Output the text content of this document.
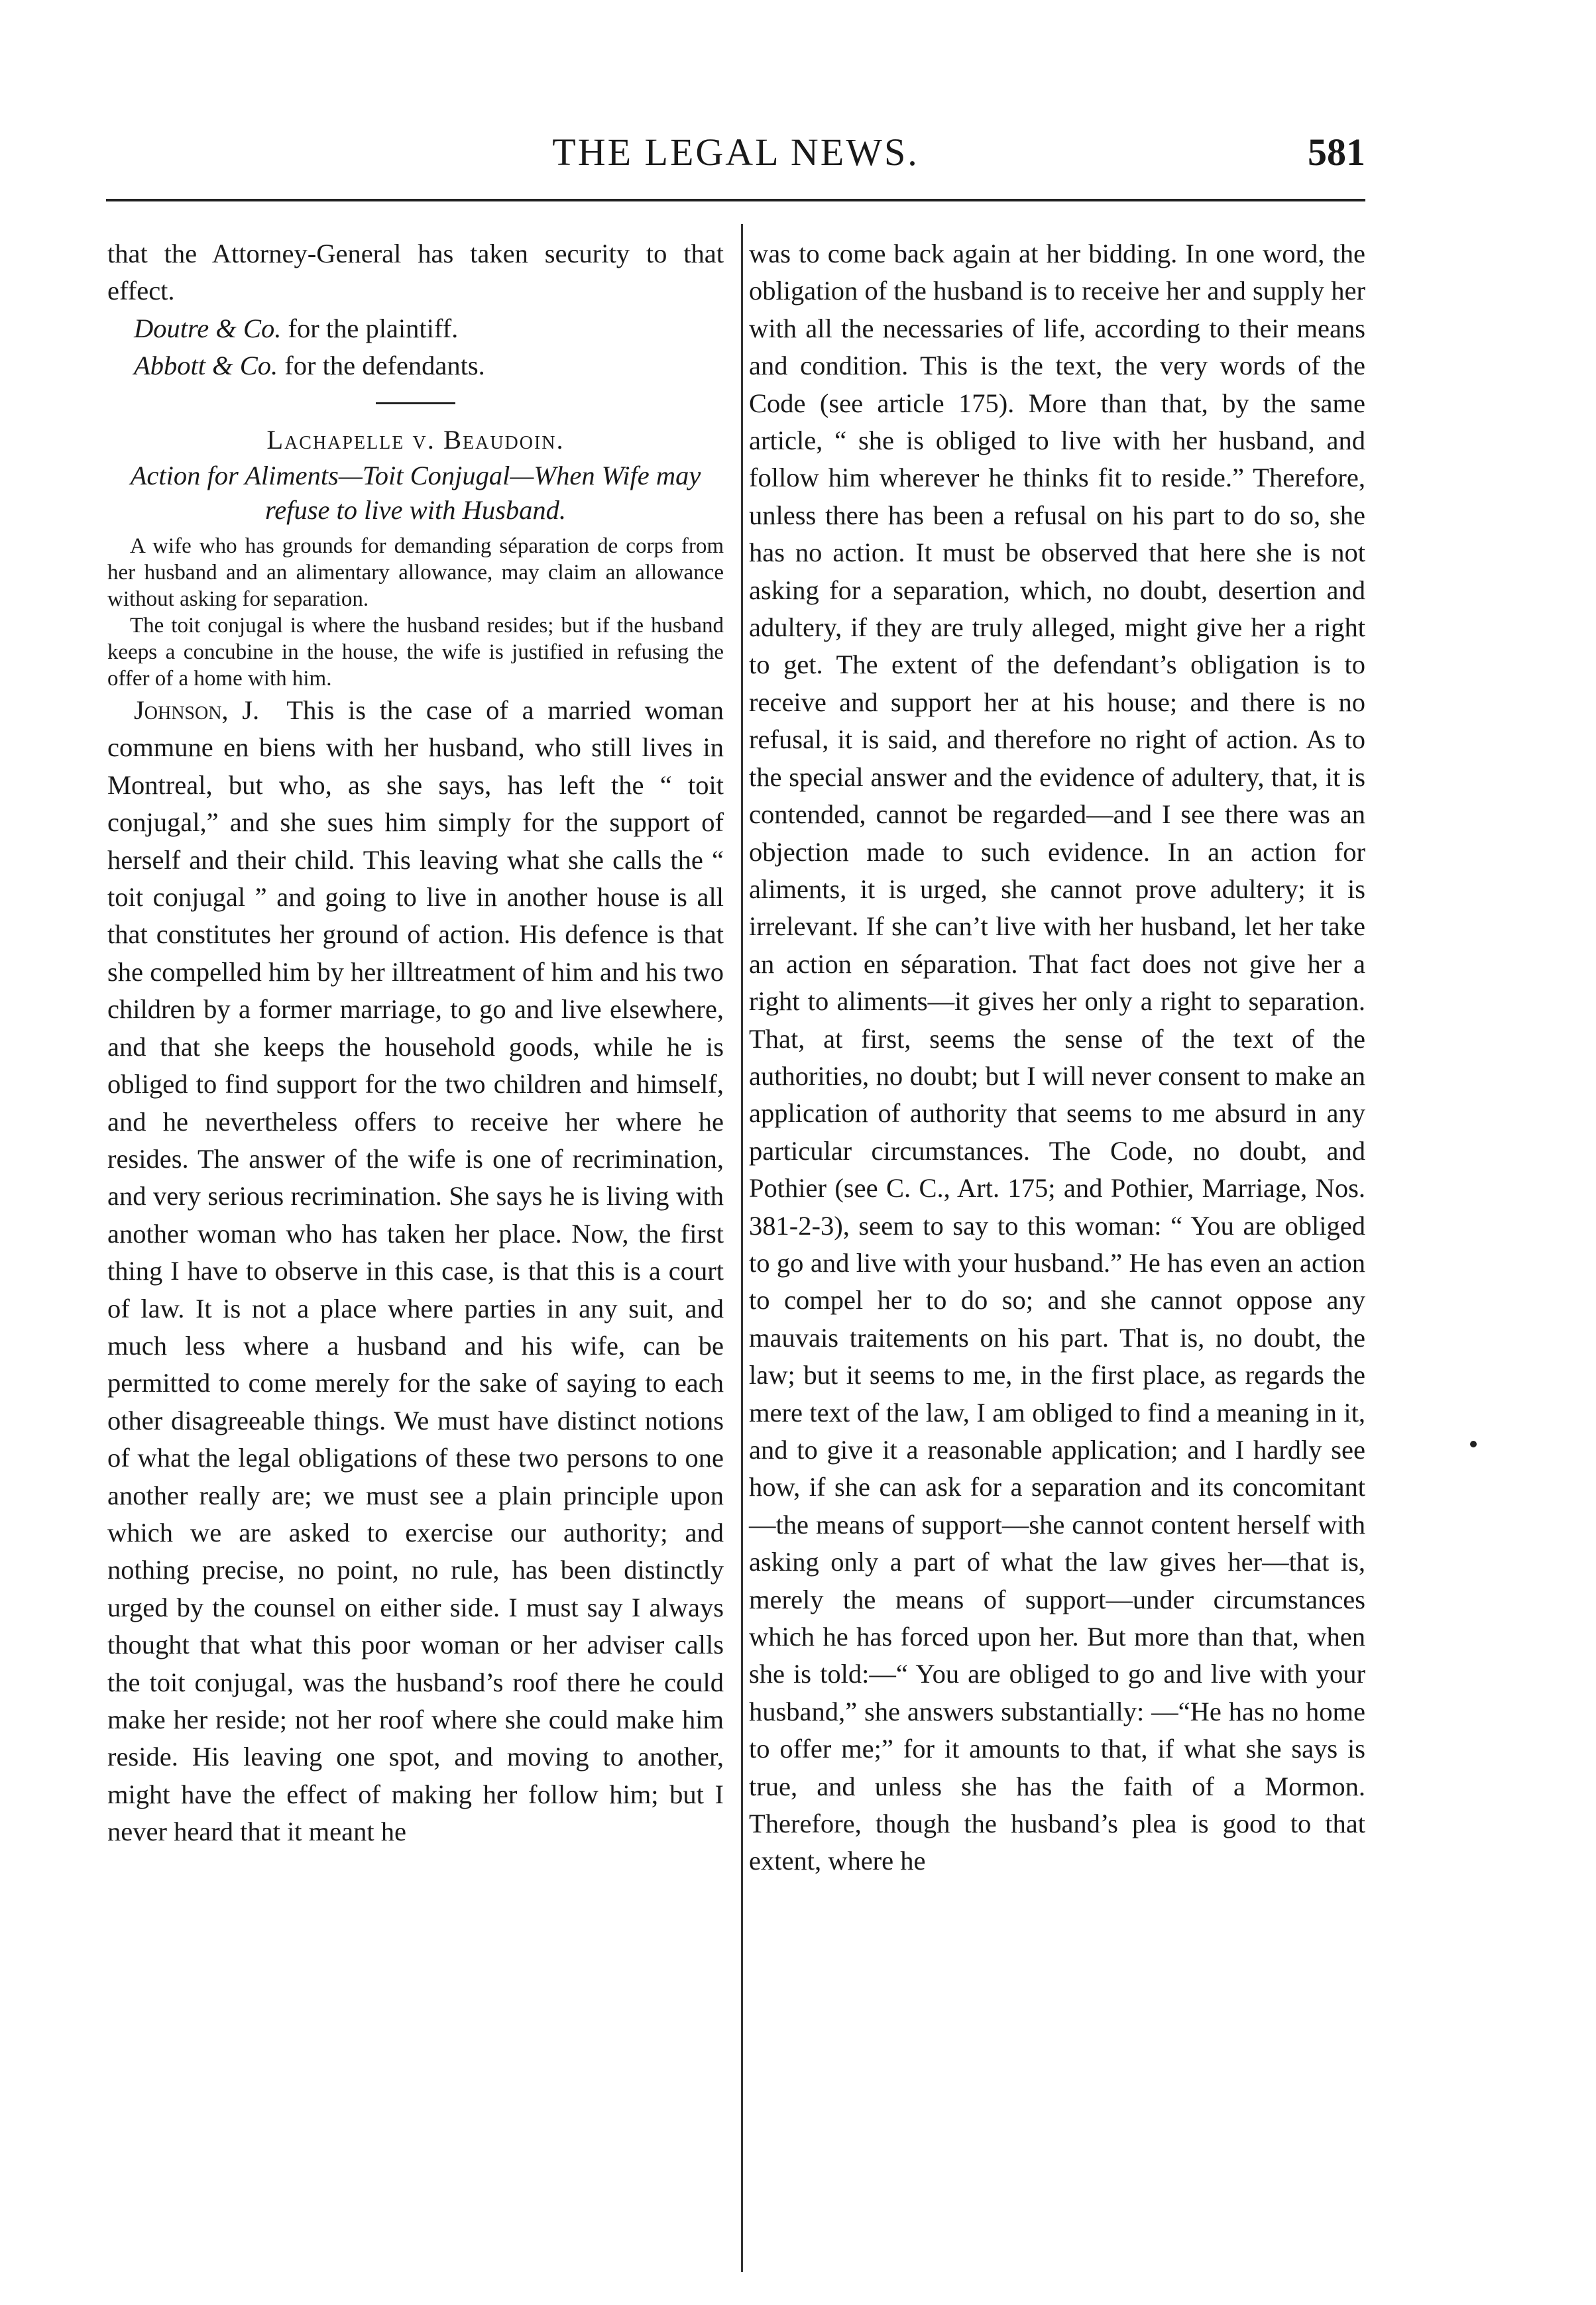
THE LEGAL NEWS.	581

that the Attorney-General has taken security to that effect.

Doutre & Co. for the plaintiff.

Abbott & Co. for the defendants.

Lachapelle v. Beaudoin.

Action for Aliments—Toit Conjugal—When Wife may refuse to live with Husband.

A wife who has grounds for demanding séparation de corps from her husband and an alimentary allowance, may claim an allowance without asking for separation.

The toit conjugal is where the husband resides; but if the husband keeps a concubine in the house, the wife is justified in refusing the offer of a home with him.

Johnson, J. This is the case of a married woman commune en biens with her husband, who still lives in Montreal, but who, as she says, has left the “ toit conjugal,” and she sues him simply for the support of herself and their child. This leaving what she calls the “ toit conjugal ” and going to live in another house is all that constitutes her ground of action. His defence is that she compelled him by her illtreatment of him and his two children by a former marriage, to go and live elsewhere, and that she keeps the household goods, while he is obliged to find support for the two children and himself, and he nevertheless offers to receive her where he resides. The answer of the wife is one of recrimination, and very serious recrimination. She says he is living with another woman who has taken her place. Now, the first thing I have to observe in this case, is that this is a court of law. It is not a place where parties in any suit, and much less where a husband and his wife, can be permitted to come merely for the sake of saying to each other disagreeable things. We must have distinct notions of what the legal obligations of these two persons to one another really are; we must see a plain principle upon which we are asked to exercise our authority; and nothing precise, no point, no rule, has been distinctly urged by the counsel on either side. I must say I always thought that what this poor woman or her adviser calls the toit conjugal, was the husband’s roof there he could make her reside; not her roof where she could make him reside. His leaving one spot, and moving to another, might have the effect of making her follow him; but I never heard that it meant he

was to come back again at her bidding. In one word, the obligation of the husband is to receive her and supply her with all the necessaries of life, according to their means and condition. This is the text, the very words of the Code (see article 175). More than that, by the same article, “ she is obliged to live with her husband, and follow him wherever he thinks fit to reside.” Therefore, unless there has been a refusal on his part to do so, she has no action. It must be observed that here she is not asking for a separation, which, no doubt, desertion and adultery, if they are truly alleged, might give her a right to get. The extent of the defendant’s obligation is to receive and support her at his house; and there is no refusal, it is said, and therefore no right of action. As to the special answer and the evidence of adultery, that, it is contended, cannot be regarded—and I see there was an objection made to such evidence. In an action for aliments, it is urged, she cannot prove adultery; it is irrelevant. If she can’t live with her husband, let her take an action en séparation. That fact does not give her a right to aliments—it gives her only a right to separation. That, at first, seems the sense of the text of the authorities, no doubt; but I will never consent to make an application of authority that seems to me absurd in any particular circumstances. The Code, no doubt, and Pothier (see C. C., Art. 175; and Pothier, Marriage, Nos. 381-2-3), seem to say to this woman: “ You are obliged to go and live with your husband.” He has even an action to compel her to do so; and she cannot oppose any mauvais traitements on his part. That is, no doubt, the law; but it seems to me, in the first place, as regards the mere text of the law, I am obliged to find a meaning in it, and to give it a reasonable application; and I hardly see how, if she can ask for a separation and its concomitant—the means of support—she cannot content herself with asking only a part of what the law gives her—that is, merely the means of support—under circumstances which he has forced upon her. But more than that, when she is told:—“ You are obliged to go and live with your husband,” she answers substantially: —“He has no home to offer me;” for it amounts to that, if what she says is true, and unless she has the faith of a Mormon. Therefore, though the husband’s plea is good to that extent, where he
